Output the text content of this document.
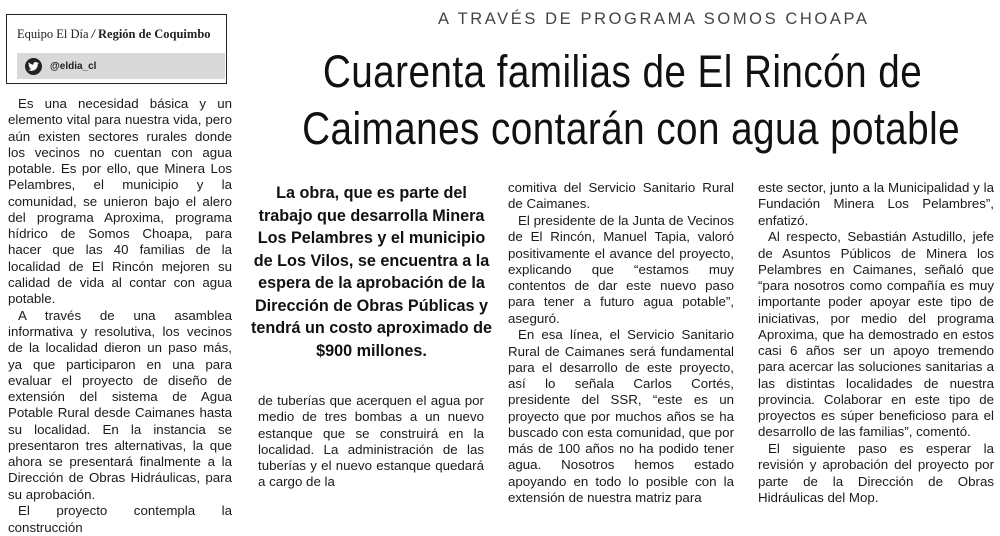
Equipo El Día / Región de Coquimbo
@eldia_cl
A TRAVÉS DE PROGRAMA SOMOS CHOAPA
Cuarenta familias de El Rincón de
Caimanes contarán con agua potable

Es una necesidad básica y un elemento vital para nuestra vida, pero aún existen sectores rurales donde los vecinos no cuentan con agua potable. Es por ello, que Minera Los Pelambres, el municipio y la comunidad, se unieron bajo el alero del programa Aproxima, programa hídrico de Somos Choapa, para hacer que las 40 familias de la localidad de El Rincón mejoren su calidad de vida al contar con agua potable.

A través de una asamblea informativa y resolutiva, los vecinos de la localidad dieron un paso más, ya que participaron en una para evaluar el proyecto de diseño de extensión del sistema de Agua Potable Rural desde Caimanes hasta su localidad. En la instancia se presentaron tres alternativas, la que ahora se presentará finalmente a la Dirección de Obras Hidráulicas, para su aprobación.

El proyecto contempla la construcción

La obra, que es parte del trabajo que desarrolla Minera Los Pelambres y el municipio de Los Vilos, se encuentra a la espera de la aprobación de la Dirección de Obras Públicas y tendrá un costo aproximado de $900 millones.

de tuberías que acerquen el agua por medio de tres bombas a un nuevo estanque que se construirá en la localidad. La administración de las tuberías y el nuevo estanque quedará a cargo de la

comitiva del Servicio Sanitario Rural de Caimanes.

El presidente de la Junta de Vecinos de El Rincón, Manuel Tapia, valoró positivamente el avance del proyecto, explicando que “estamos muy contentos de dar este nuevo paso para tener a futuro agua potable”, aseguró.

En esa línea, el Servicio Sanitario Rural de Caimanes será fundamental para el desarrollo de este proyecto, así lo señala Carlos Cortés, presidente del SSR, “este es un proyecto que por muchos años se ha buscado con esta comunidad, que por más de 100 años no ha podido tener agua. Nosotros hemos estado apoyando en todo lo posible con la extensión de nuestra matriz para

este sector, junto a la Municipalidad y la Fundación Minera Los Pelambres”, enfatizó.

Al respecto, Sebastián Astudillo, jefe de Asuntos Públicos de Minera los Pelambres en Caimanes, señaló que “para nosotros como compañía es muy importante poder apoyar este tipo de iniciativas, por medio del programa Aproxima, que ha demostrado en estos casi 6 años ser un apoyo tremendo para acercar las soluciones sanitarias a las distintas localidades de nuestra provincia. Colaborar en este tipo de proyectos es súper beneficioso para el desarrollo de las familias”, comentó.

El siguiente paso es esperar la revisión y aprobación del proyecto por parte de la Dirección de Obras Hidráulicas del Mop.
